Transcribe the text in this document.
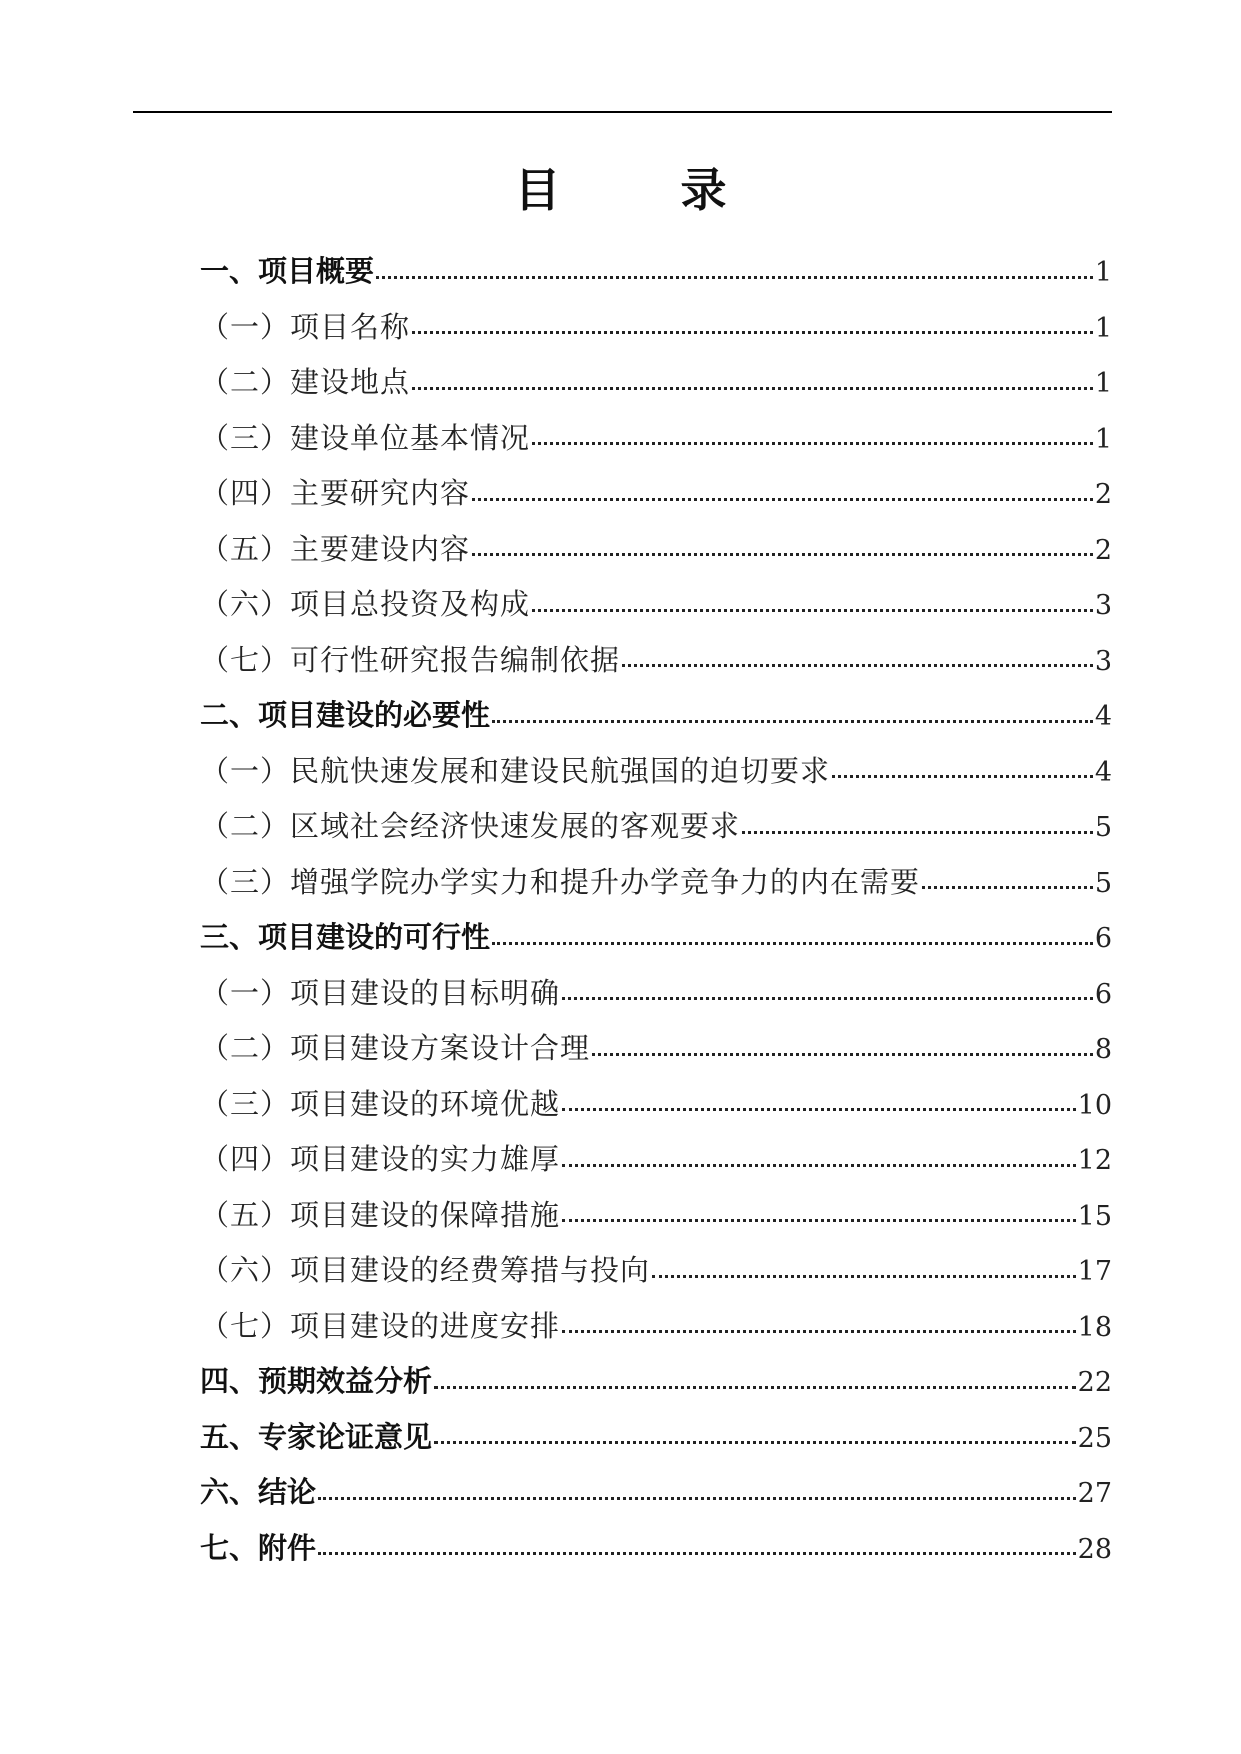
目	录
一、项目概要	1
（一）项目名称	1
（二）建设地点	1
（三）建设单位基本情况	1
（四）主要研究内容	2
（五）主要建设内容	2
（六）项目总投资及构成	3
（七）可行性研究报告编制依据	3
二、项目建设的必要性	4
（一）民航快速发展和建设民航强国的迫切要求	4
（二）区域社会经济快速发展的客观要求	5
（三）增强学院办学实力和提升办学竞争力的内在需要	5
三、项目建设的可行性	6
（一）项目建设的目标明确	6
（二）项目建设方案设计合理	8
（三）项目建设的环境优越	10
（四）项目建设的实力雄厚	12
（五）项目建设的保障措施	15
（六）项目建设的经费筹措与投向	17
（七）项目建设的进度安排	18
四、预期效益分析	22
五、专家论证意见	25
六、结论	27
七、附件	28
